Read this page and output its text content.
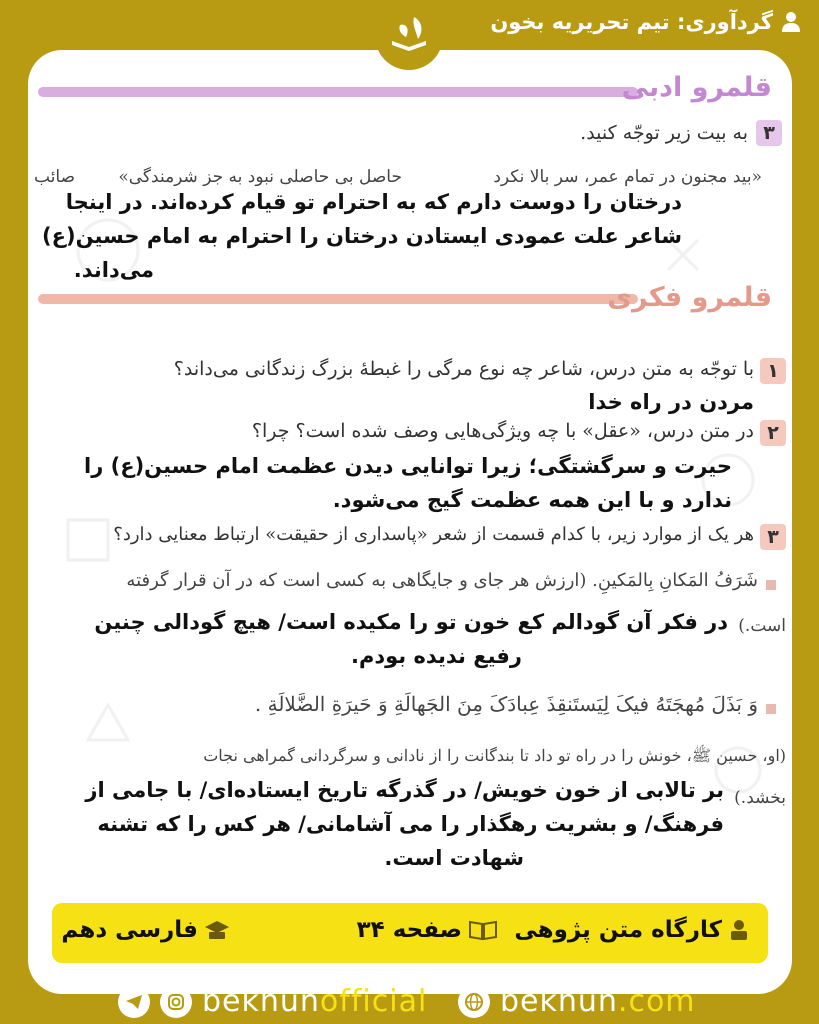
گردآوری: تیم تحریریه بخون
قلمرو ادبی
۳
به بیت زیر توجّه کنید.
«بید مجنون در تمام عمر، سر بالا نکرد
حاصل بی حاصلی نبود به جز شرمندگی»
صائب
درختان را دوست دارم که به احترام تو قیام کرده‌اند. در اینجا
شاعر علت عمودی ایستادن درختان را احترام به امام حسین(ع)
می‌داند.
قلمرو فکری
۱
با توجّه به متن درس، شاعر چه نوع مرگی را غبطهٔ بزرگ زندگانی می‌داند؟
مردن در راه خدا
۲
در متن درس، «عقل» با چه ویژگی‌هایی وصف شده است؟ چرا؟
حیرت و سرگشتگی؛ زیرا توانایی دیدن عظمت امام حسین(ع) را
ندارد و با این همه عظمت گیج می‌شود.
۳
هر یک از موارد زیر، با کدام قسمت از شعر «پاسداری از حقیقت» ارتباط معنایی دارد؟
شَرَفُ المَکانِ بِالمَکینِ. (ارزش هر جای و جایگاهی به کسی است که در آن قرار گرفته
است.)
در فکر آن گودالم کع خون تو را مکیده است/ هیچ گودالی چنین
رفیع ندیده بودم.
وَ بَذَلَ مُهجَتَهُ فیکَ لِیَستَنقِذَ عِبادَکَ مِنَ الجَهالَةِ وَ حَیرَةِ الضَّلالَةِ .
(او، حسین ﷺ، خونش را در راه تو داد تا بندگانت را از نادانی و سرگردانی گمراهی نجات
بخشد.)
بر تالابی از خون خویش/ در گذرگه تاریخ ایستاده‌ای/ با جامی از
فرهنگ/ و بشریت رهگذار را می آشامانی/ هر کس را که تشنه
شهادت است.
کارگاه متن پژوهی
صفحه ۳۴
فارسی دهم
bekhunofficial bekhun.com
